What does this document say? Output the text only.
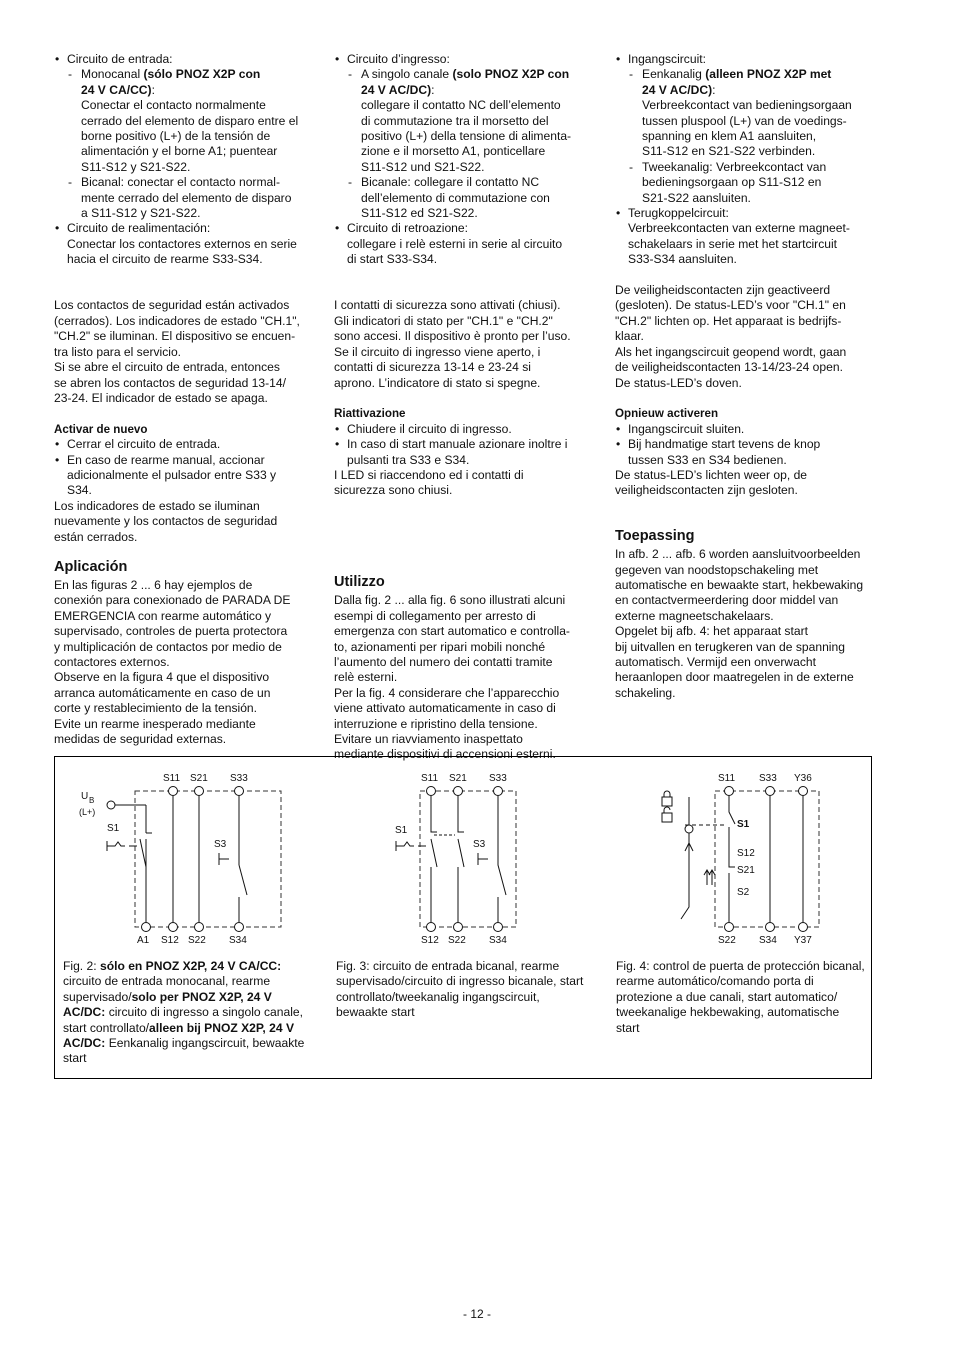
• Circuito de entrada:

- Monocanal (sólo PNOZ X2P con

24 V CA/CC):

Conectar el contacto normalmente

cerrado del elemento de disparo entre el

borne positivo (L+) de la tensión de

alimentación y el borne A1; puentear

S11-S12 y S21-S22.

- Bicanal: conectar el contacto normal-

mente cerrado del elemento de disparo

a S11-S12 y S21-S22.

• Circuito de realimentación:

Conectar los contactores externos en serie

hacia el circuito de rearme S33-S34.

Los contactos de seguridad están activados

(cerrados). Los indicadores de estado "CH.1",

"CH.2" se iluminan. El dispositivo se encuen-

tra listo para el servicio.

Si se abre el circuito de entrada, entonces

se abren los contactos de seguridad 13-14/

23-24. El indicador de estado se apaga.

Activar de nuevo

• Cerrar el circuito de entrada.

• En caso de rearme manual, accionar

adicionalmente el pulsador entre S33 y

S34.

Los indicadores de estado se iluminan

nuevamente y los contactos de seguridad

están cerrados.

Aplicación

En las figuras 2 ... 6 hay ejemplos de

conexión para conexionado de PARADA DE

EMERGENCIA con rearme automático y

supervisado, controles de puerta protectora

y multiplicación de contactos por medio de

contactores externos.

Observe en la figura 4 que el dispositivo

arranca automáticamente en caso de un

corte y restablecimiento de la tensión.

Evite un rearme inesperado mediante

medidas de seguridad externas.

• Circuito d’ingresso:

- A singolo canale (solo PNOZ X2P con

24 V AC/DC):

collegare il contatto NC dell’elemento

di commutazione tra il morsetto del

positivo (L+) della tensione di alimenta-

zione e il morsetto A1, ponticellare

S11-S12 und S21-S22.

- Bicanale: collegare il contatto NC

dell’elemento di commutazione con

S11-S12 ed S21-S22.

• Circuito di retroazione:

collegare i relè esterni in serie al circuito

di start S33-S34.

I contatti di sicurezza sono attivati (chiusi).

Gli indicatori di stato per "CH.1" e "CH.2"

sono accesi. Il dispositivo è pronto per l’uso.

Se il circuito di ingresso viene aperto, i

contatti di sicurezza 13-14 e 23-24 si

aprono. L’indicatore di stato si spegne.

Riattivazione

• Chiudere il circuito di ingresso.

• In caso di start manuale azionare inoltre i

pulsanti tra S33 e S34.

I LED si riaccendono ed i contatti di

sicurezza sono chiusi.

Utilizzo

Dalla fig. 2 ... alla fig. 6 sono illustrati alcuni

esempi di collegamento per arresto di

emergenza con start automatico e controlla-

to, azionamenti per ripari mobili nonché

l’aumento del numero dei contatti tramite

relè esterni.

Per la fig. 4 considerare che l’apparecchio

viene attivato automaticamente in caso di

interruzione e ripristino della tensione.

Evitare un riavviamento inaspettato

mediante dispositivi di accensioni esterni.

• Ingangscircuit:

- Eenkanalig (alleen PNOZ X2P met

24 V AC/DC):

Verbreekcontact van bedieningsorgaan

tussen pluspool (L+) van de voedings-

spanning en klem A1 aansluiten,

S11-S12 en S21-S22 verbinden.

- Tweekanalig: Verbreekcontact van

bedieningsorgaan op S11-S12 en

S21-S22 aansluiten.

• Terugkoppelcircuit:

Verbreekcontacten van externe magneet-

schakelaars in serie met het startcircuit

S33-S34 aansluiten.

De veiligheidscontacten zijn geactiveerd

(gesloten). De status-LED’s voor "CH.1" en

"CH.2" lichten op. Het apparaat is bedrijfs-

klaar.

Als het ingangscircuit geopend wordt, gaan

de veiligheidscontacten 13-14/23-24 open.

De status-LED’s doven.

Opnieuw activeren

• Ingangscircuit sluiten.

• Bij handmatige start tevens de knop

tussen S33 en S34 bedienen.

De status-LED’s lichten weer op, de

veiligheidscontacten zijn gesloten.

Toepassing

In afb. 2 ... afb. 6 worden aansluitvoorbeelden

gegeven van noodstopschakeling met

automatische en bewaakte start, hekbewaking

en contactvermeerdering door middel van

externe magneetschakelaars.

Opgelet bij afb. 4: het apparaat start

bij uitvallen en terugkeren van de spanning

automatisch. Vermijd een onverwacht

heraanlopen door maatregelen in de externe

schakeling.

S11 S21 S33
U B
(L+)
S1
S3
A1 S12 S22 S34
S11 S21 S33
S1
S3
S12 S22 S34
S11 S33 Y36
S1
S12
S21
S2
S22 S34 Y37
Fig. 2: sólo en PNOZ X2P, 24 V CA/CC: circuito de entrada monocanal, rearme supervisado/solo per PNOZ X2P, 24 V AC/DC: circuito di ingresso a singolo canale, start controllato/alleen bij PNOZ X2P, 24 V AC/DC: Eenkanalig ingangscircuit, bewaakte start
Fig. 3: circuito de entrada bicanal, rearme supervisado/circuito di ingresso bicanale, start controllato/tweekanalig ingangscircuit, bewaakte start
Fig. 4: control de puerta de protección bicanal, rearme automático/comando porta di protezione a due canali, start automatico/ tweekanalige hekbewaking, automatische start
- 12 -
